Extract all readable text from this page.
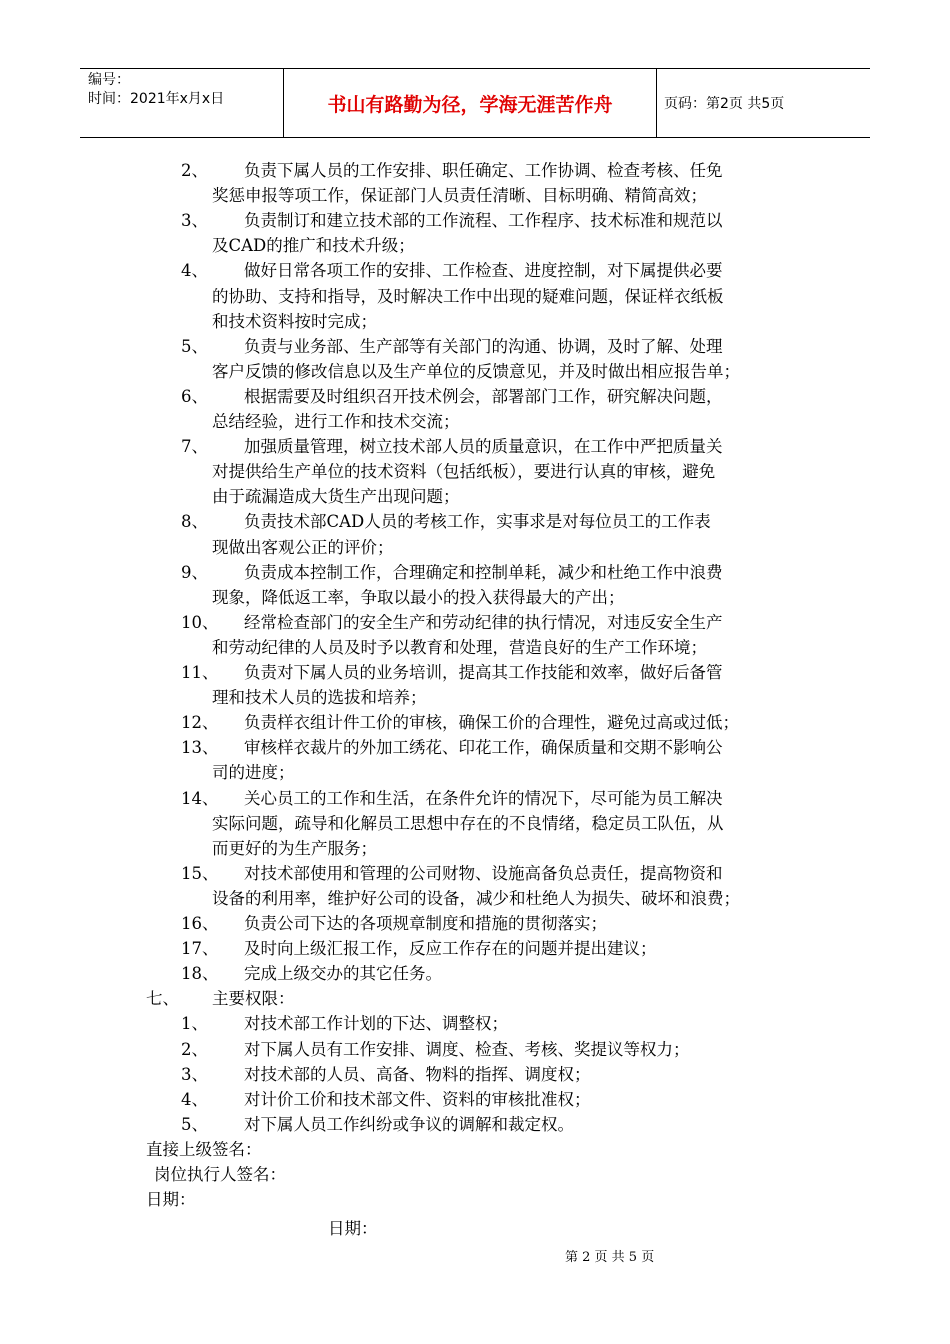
编号：
时间：2021年x月x日	书山有路勤为径，学海无涯苦作舟	页码：第2页 共5页
2、 负责下属人员的工作安排、职任确定、工作协调、检查考核、任免
奖惩申报等项工作，保证部门人员责任清晰、目标明确、精简高效；
3、 负责制订和建立技术部的工作流程、工作程序、技术标准和规范以
及CAD的推广和技术升级；
4、 做好日常各项工作的安排、工作检查、进度控制，对下属提供必要
的协助、支持和指导，及时解决工作中出现的疑难问题，保证样衣纸板
和技术资料按时完成；
5、 负责与业务部、生产部等有关部门的沟通、协调，及时了解、处理
客户反馈的修改信息以及生产单位的反馈意见，并及时做出相应报告单；
6、 根据需要及时组织召开技术例会，部署部门工作，研究解决问题，
总结经验，进行工作和技术交流；
7、 加强质量管理，树立技术部人员的质量意识，在工作中严把质量关
对提供给生产单位的技术资料（包括纸板），要进行认真的审核，避免
由于疏漏造成大货生产出现问题；
8、 负责技术部CAD人员的考核工作，实事求是对每位员工的工作表
现做出客观公正的评价；
9、 负责成本控制工作，合理确定和控制单耗，减少和杜绝工作中浪费
现象，降低返工率，争取以最小的投入获得最大的产出；
10、 经常检查部门的安全生产和劳动纪律的执行情况，对违反安全生产
和劳动纪律的人员及时予以教育和处理，营造良好的生产工作环境；
11、 负责对下属人员的业务培训，提高其工作技能和效率，做好后备管
理和技术人员的选拔和培养；
12、 负责样衣组计件工价的审核，确保工价的合理性，避免过高或过低；
13、 审核样衣裁片的外加工绣花、印花工作，确保质量和交期不影响公
司的进度；
14、 关心员工的工作和生活，在条件允许的情况下，尽可能为员工解决
实际问题，疏导和化解员工思想中存在的不良情绪，稳定员工队伍，从
而更好的为生产服务；
15、 对技术部使用和管理的公司财物、设施高备负总责任，提高物资和
设备的利用率，维护好公司的设备，减少和杜绝人为损失、破坏和浪费；
16、 负责公司下达的各项规章制度和措施的贯彻落实；
17、 及时向上级汇报工作，反应工作存在的问题并提出建议；
18、 完成上级交办的其它任务。
七、 主要权限：
1、 对技术部工作计划的下达、调整权；
2、 对下属人员有工作安排、调度、检查、考核、奖提议等权力；
3、 对技术部的人员、高备、物料的指挥、调度权；
4、 对计价工价和技术部文件、资料的审核批准权；
5、 对下属人员工作纠纷或争议的调解和裁定权。
直接上级签名：
岗位执行人签名：
日期：
日期：
第 2 页 共 5 页
